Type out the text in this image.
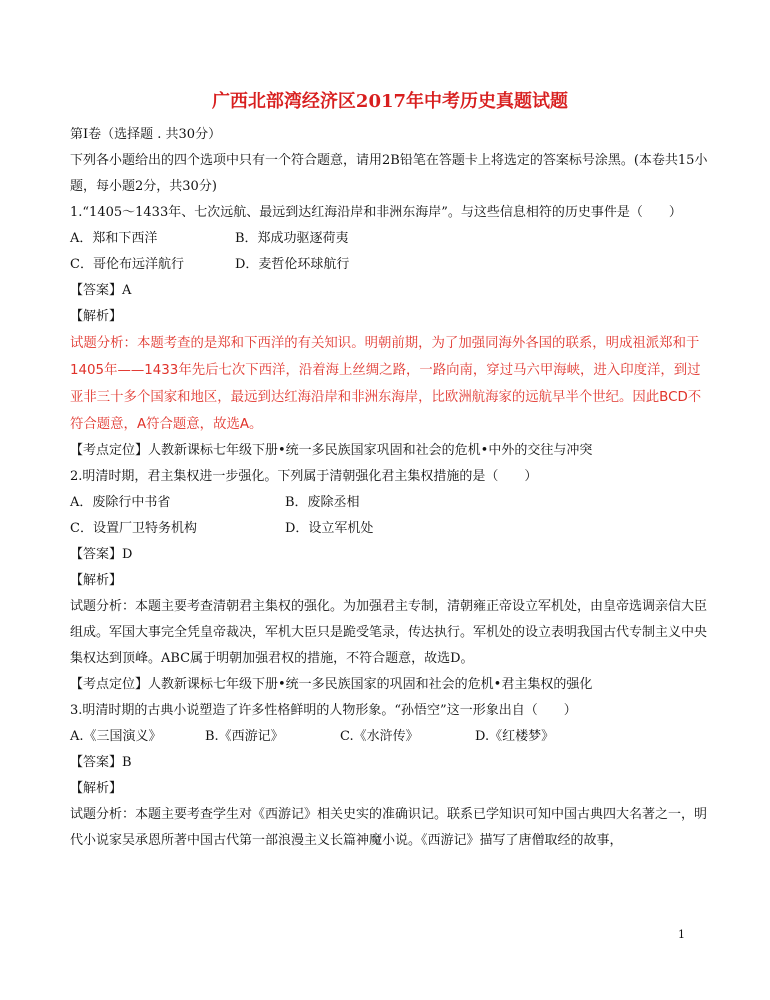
广西北部湾经济区2017年中考历史真题试题
第Ⅰ卷（选择题 . 共30分）
下列各小题给出的四个选项中只有一个符合题意，请用2B铅笔在答题卡上将选定的答案标号涂黑。(本卷共15小题，每小题2分，共30分)
1.“1405～1433年、七次远航、最远到达红海沿岸和非洲东海岸”。与这些信息相符的历史事件是（　　）
A．郑和下西洋	B．郑成功驱逐荷夷
C．哥伦布远洋航行	D．麦哲伦环球航行
【答案】A
【解析】
试题分析：本题考查的是郑和下西洋的有关知识。明朝前期，为了加强同海外各国的联系，明成祖派郑和于1405年——1433年先后七次下西洋，沿着海上丝绸之路，一路向南，穿过马六甲海峡，进入印度洋，到过亚非三十多个国家和地区，最远到达红海沿岸和非洲东海岸，比欧洲航海家的远航早半个世纪。因此BCD不符合题意，A符合题意，故选A。
【考点定位】人教新课标七年级下册•统一多民族国家巩固和社会的危机•中外的交往与冲突
2.明清时期，君主集权进一步强化。下列属于清朝强化君主集权措施的是（　　）
A．废除行中书省	B．废除丞相
C．设置厂卫特务机构	D．设立军机处
【答案】D
【解析】
试题分析：本题主要考查清朝君主集权的强化。为加强君主专制，清朝雍正帝设立军机处，由皇帝选调亲信大臣组成。军国大事完全凭皇帝裁决，军机大臣只是跪受笔录，传达执行。军机处的设立表明我国古代专制主义中央集权达到顶峰。ABC属于明朝加强君权的措施，不符合题意，故选D。
【考点定位】人教新课标七年级下册•统一多民族国家的巩固和社会的危机•君主集权的强化
3.明清时期的古典小说塑造了许多性格鲜明的人物形象。“孙悟空”这一形象出自（　　）
A.《三国演义》	B.《西游记》	C.《水浒传》	D.《红楼梦》
【答案】B
【解析】
试题分析：本题主要考查学生对《西游记》相关史实的准确识记。联系已学知识可知中国古典四大名著之一，明代小说家吴承恩所著中国古代第一部浪漫主义长篇神魔小说。《西游记》描写了唐僧取经的故事，
1
